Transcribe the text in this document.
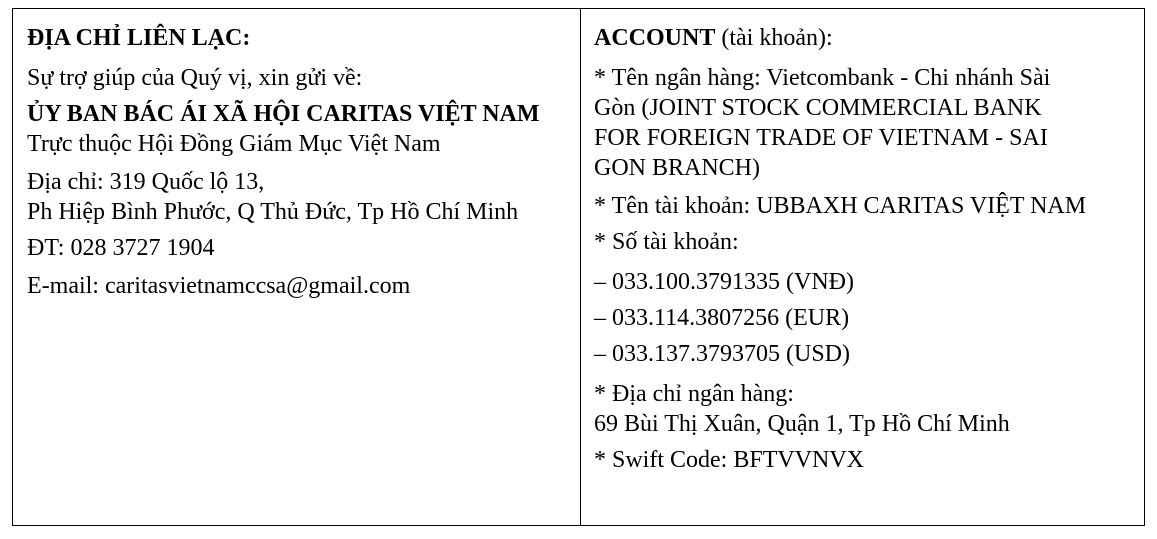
ĐỊA CHỈ LIÊN LẠC:

Sự trợ giúp của Quý vị, xin gửi về:

ỦY BAN BÁC ÁI XÃ HỘI CARITAS VIỆT NAM

Trực thuộc Hội Đồng Giám Mục Việt Nam

Địa chỉ: 319 Quốc lộ 13,

Ph Hiệp Bình Phước, Q Thủ Đức, Tp Hồ Chí Minh

ĐT: 028 3727 1904

E-mail: caritasvietnamccsa@gmail.com

ACCOUNT (tài khoản):

* Tên ngân hàng: Vietcombank - Chi nhánh Sài

Gòn (JOINT STOCK COMMERCIAL BANK

FOR FOREIGN TRADE OF VIETNAM - SAI

GON BRANCH)

* Tên tài khoản: UBBAXH CARITAS VIỆT NAM

* Số tài khoản:

– 033.100.3791335 (VNĐ)

– 033.114.3807256 (EUR)

– 033.137.3793705 (USD)

* Địa chỉ ngân hàng:

69 Bùi Thị Xuân, Quận 1, Tp Hồ Chí Minh

* Swift Code: BFTVVNVX
